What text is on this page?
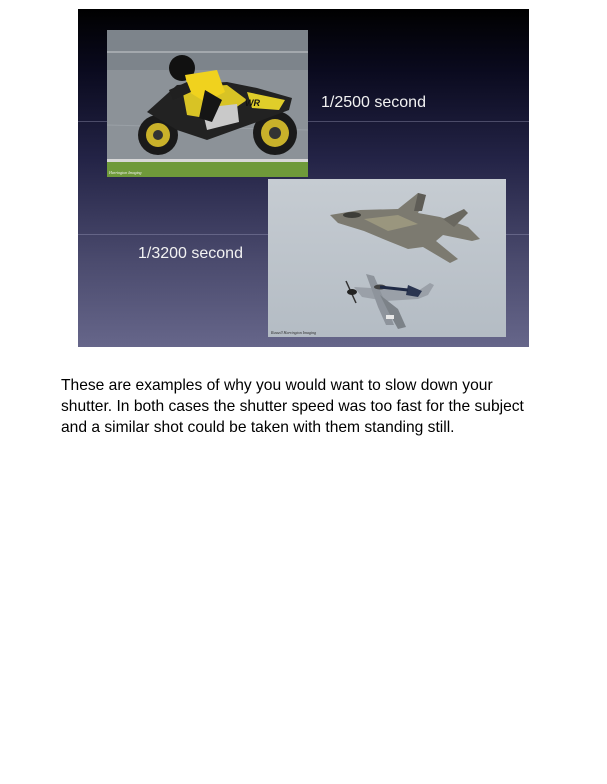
WR
Harrington Imaging
1/2500 second
Russell Harrington Imaging
1/3200 second

These are examples of why you would want to slow down your shutter. In both cases the shutter speed was too fast for the subject and a similar shot could be taken with them standing still.
